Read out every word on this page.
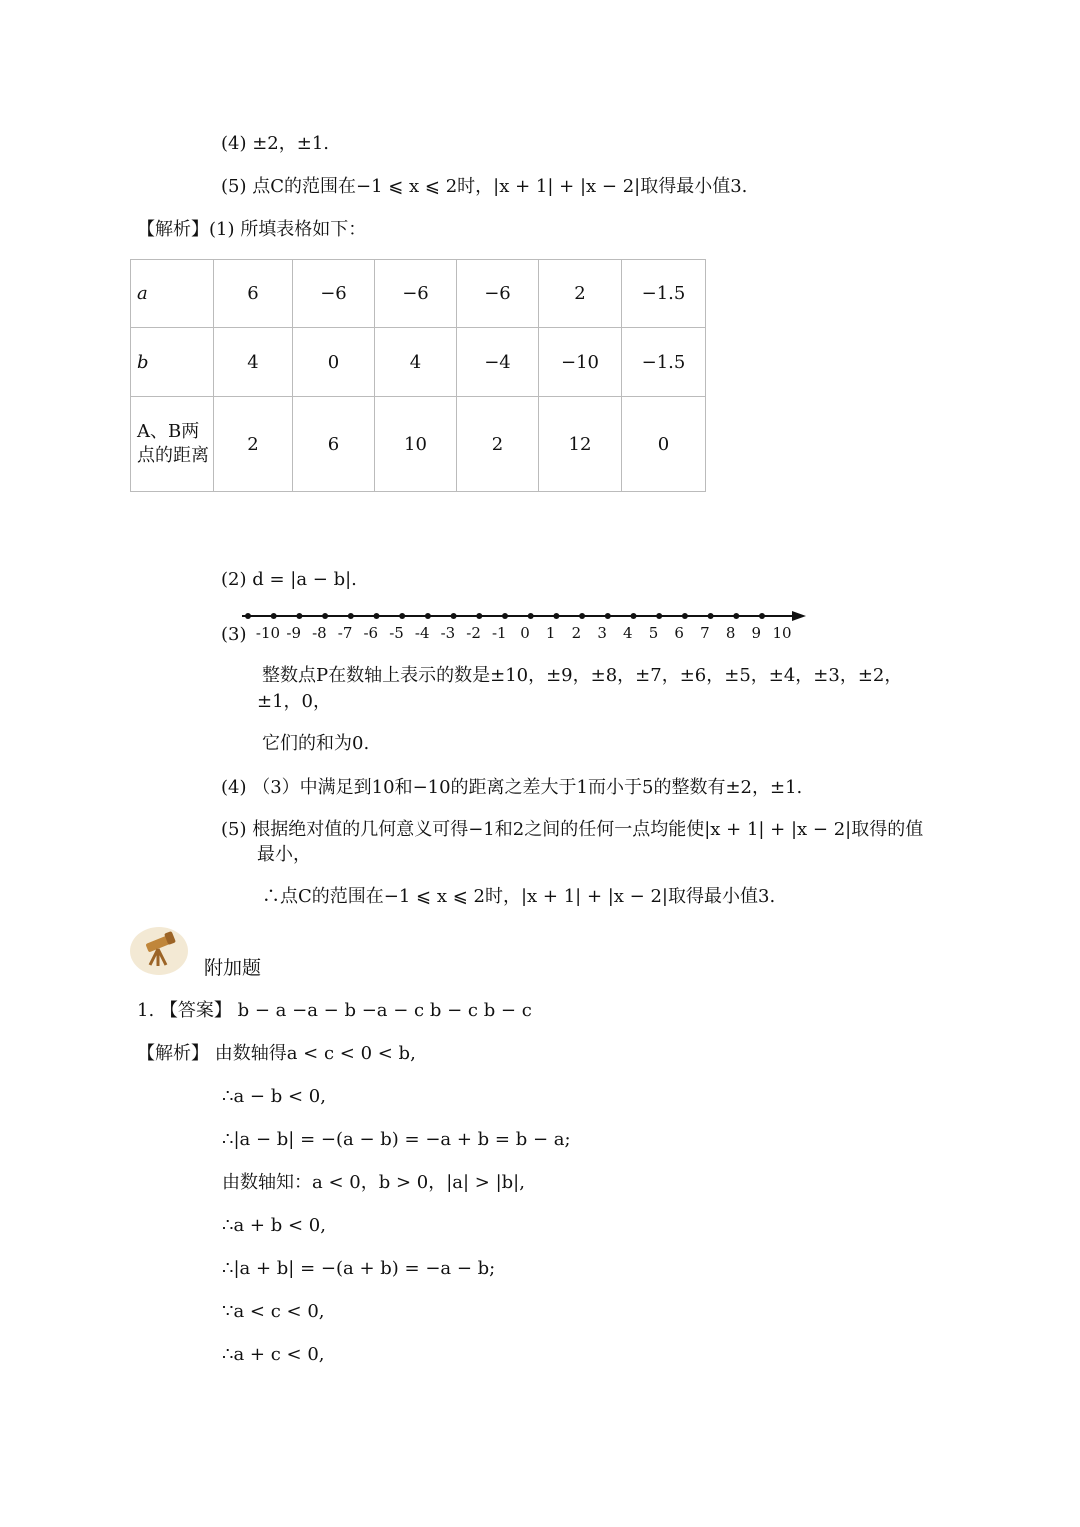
(4) ±2，±1.
(5) 点C的范围在−1 ⩽ x ⩽ 2时，|x + 1| + |x − 2|取得最小值3.
【解析】(1) 所填表格如下：
a	6	−6	−6	−6	2	−1.5
b	4	0	4	−4	−10	−1.5

A、B两
点的距离	2	6	10	2	12	0
(2) d = |a − b|.
(3) -10 -9 -8 -7 -6 -5 -4 -3 -2 -1 0 1 2 3 4 5 6 7 8 9 10
整数点P在数轴上表示的数是±10，±9，±8，±7，±6，±5，±4，±3，±2，
±1，0，
它们的和为0.
(4) （3）中满足到10和−10的距离之差大于1而小于5的整数有±2，±1.
(5) 根据绝对值的几何意义可得−1和2之间的任何一点均能使|x + 1| + |x − 2|取得的值
最小，
∴点C的范围在−1 ⩽ x ⩽ 2时，|x + 1| + |x − 2|取得最小值3.
附加题
1. 【答案】 b − a −a − b −a − c b − c b − c
【解析】 由数轴得a < c < 0 < b,
∴a − b < 0,
∴|a − b| = −(a − b) = −a + b = b − a;
由数轴知：a < 0，b > 0，|a| > |b|,
∴a + b < 0,
∴|a + b| = −(a + b) = −a − b;
∵a < c < 0,
∴a + c < 0,
